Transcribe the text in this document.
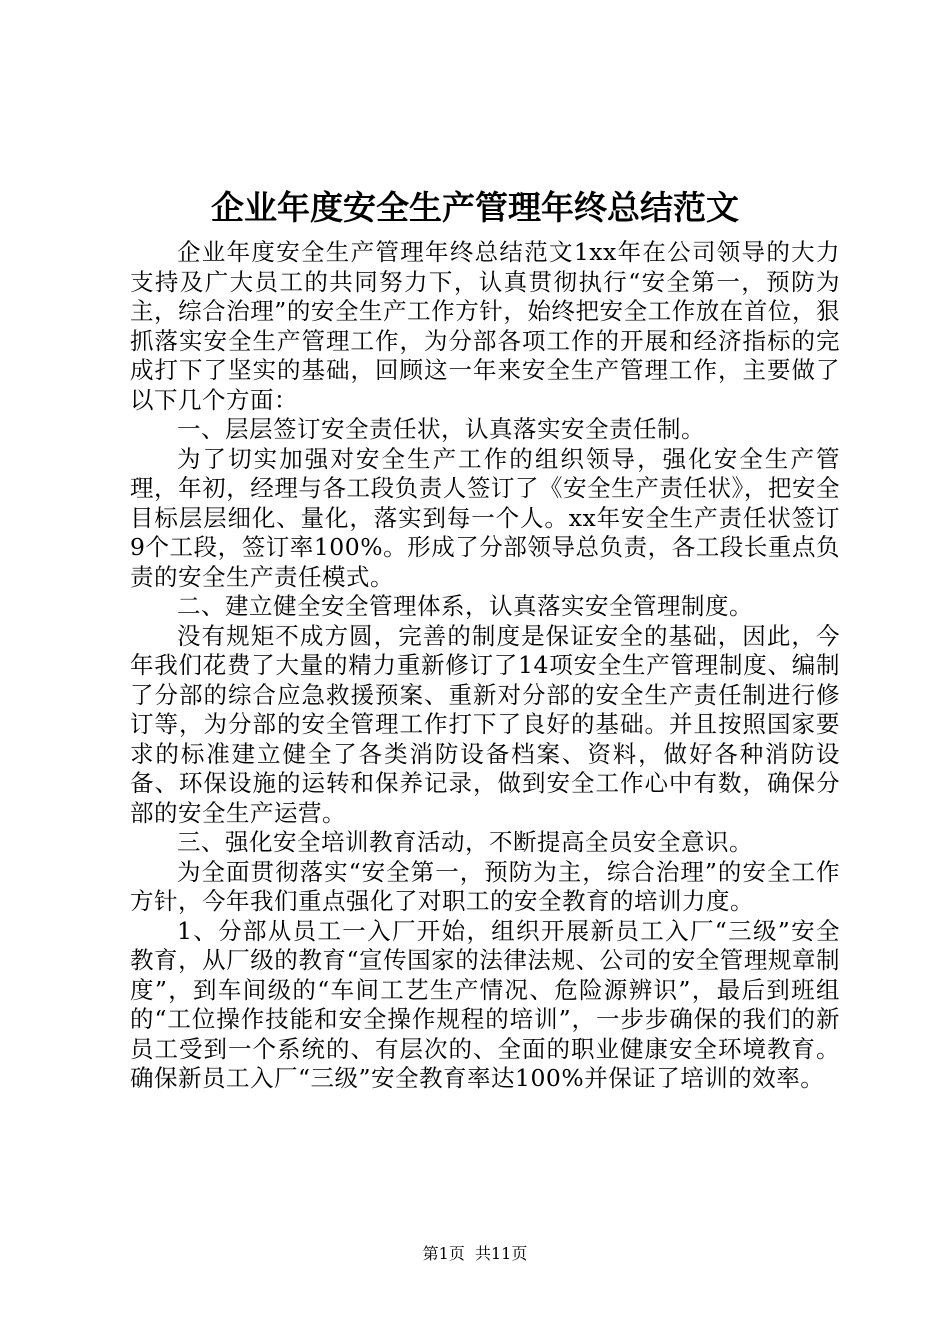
企业年度安全生产管理年终总结范文

企业年度安全生产管理年终总结范文1xx年在公司领导的大力支持及广大员工的共同努力下，认真贯彻执行“安全第一，预防为主，综合治理”的安全生产工作方针，始终把安全工作放在首位，狠抓落实安全生产管理工作，为分部各项工作的开展和经济指标的完成打下了坚实的基础，回顾这一年来安全生产管理工作，主要做了以下几个方面：

一、层层签订安全责任状，认真落实安全责任制。

为了切实加强对安全生产工作的组织领导，强化安全生产管理，年初，经理与各工段负责人签订了《安全生产责任状》，把安全目标层层细化、量化，落实到每一个人。xx年安全生产责任状签订9个工段，签订率100%。形成了分部领导总负责，各工段长重点负责的安全生产责任模式。

二、建立健全安全管理体系，认真落实安全管理制度。

没有规矩不成方圆，完善的制度是保证安全的基础，因此，今年我们花费了大量的精力重新修订了14项安全生产管理制度、编制了分部的综合应急救援预案、重新对分部的安全生产责任制进行修订等，为分部的安全管理工作打下了良好的基础。并且按照国家要求的标准建立健全了各类消防设备档案、资料，做好各种消防设备、环保设施的运转和保养记录，做到安全工作心中有数，确保分部的安全生产运营。

三、强化安全培训教育活动，不断提高全员安全意识。

为全面贯彻落实“安全第一，预防为主，综合治理”的安全工作方针，今年我们重点强化了对职工的安全教育的培训力度。

1、分部从员工一入厂开始，组织开展新员工入厂“三级”安全教育，从厂级的教育“宣传国家的法律法规、公司的安全管理规章制度”，到车间级的“车间工艺生产情况、危险源辨识”，最后到班组的“工位操作技能和安全操作规程的培训”，一步步确保的我们的新员工受到一个系统的、有层次的、全面的职业健康安全环境教育。确保新员工入厂“三级”安全教育率达100%并保证了培训的效率。

第1页  共11页
